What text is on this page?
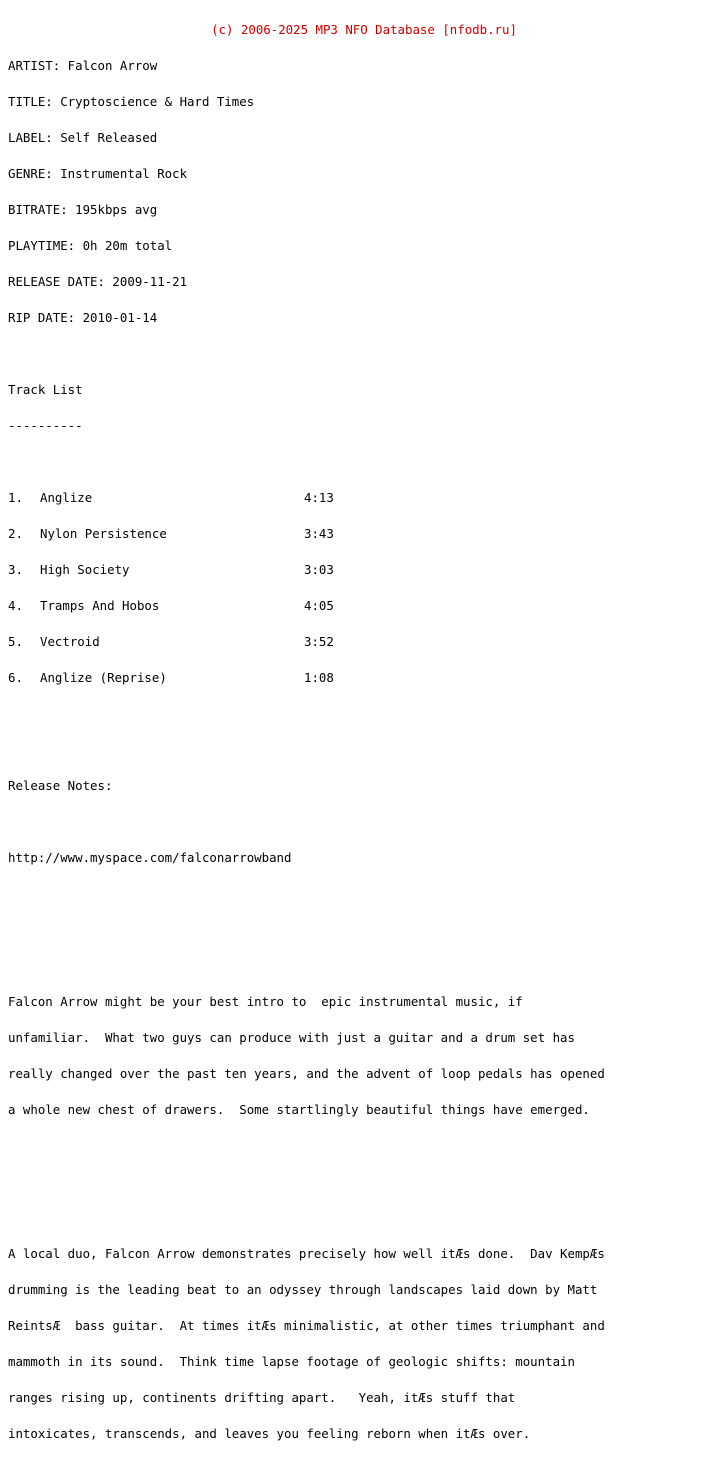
(c) 2006-2025 MP3 NFO Database [nfodb.ru]

ARTIST: Falcon Arrow

TITLE: Cryptoscience & Hard Times

LABEL: Self Released

GENRE: Instrumental Rock

BITRATE: 195kbps avg

PLAYTIME: 0h 20m total

RELEASE DATE: 2009-11-21

RIP DATE: 2010-01-14

Track List

----------

1. Anglize	4:13

2. Nylon Persistence	3:43

3. High Society	3:03

4. Tramps And Hobos	4:05

5. Vectroid	3:52

6. Anglize (Reprise)	1:08

Release Notes:

http://www.myspace.com/falconarrowband

Falcon Arrow might be your best intro to  epic instrumental music, if

unfamiliar.  What two guys can produce with just a guitar and a drum set has

really changed over the past ten years, and the advent of loop pedals has opened

a whole new chest of drawers.  Some startlingly beautiful things have emerged.

A local duo, Falcon Arrow demonstrates precisely how well itÆs done.  Dav KempÆs

drumming is the leading beat to an odyssey through landscapes laid down by Matt

ReintsÆ  bass guitar.  At times itÆs minimalistic, at other times triumphant and

mammoth in its sound.  Think time lapse footage of geologic shifts: mountain

ranges rising up, continents drifting apart.   Yeah, itÆs stuff that

intoxicates, transcends, and leaves you feeling reborn when itÆs over.
